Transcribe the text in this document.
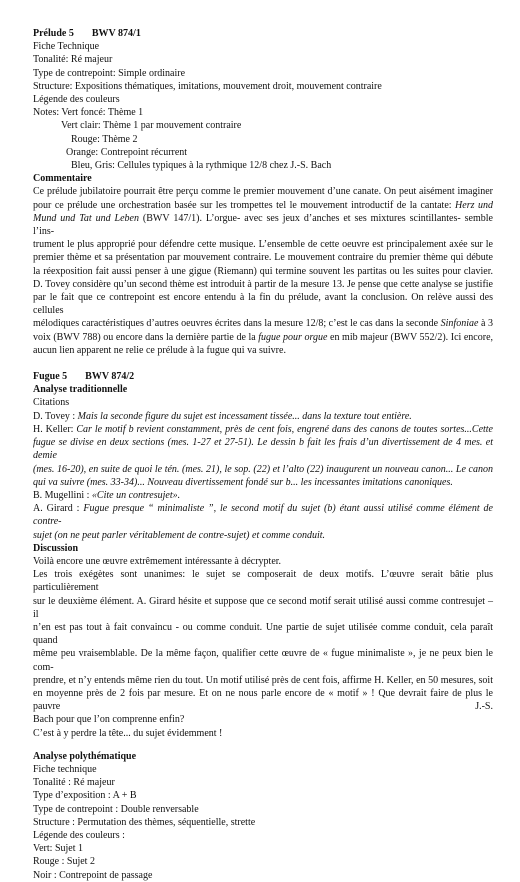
Prélude 5 BWV 874/1
Fiche Technique
Tonalité: Ré majeur
Type de contrepoint: Simple ordinaire
Structure: Expositions thématiques, imitations, mouvement droit, mouvement contraire
Légende des couleurs
Notes: Vert foncé: Thème 1
Vert clair: Thème 1 par mouvement contraire
Rouge: Thème 2
Orange: Contrepoint récurrent
Bleu, Gris: Cellules typiques à la rythmique 12/8 chez J.-S. Bach
Commentaire
Ce prélude jubilatoire pourrait être perçu comme le premier mouvement d’une canate. On peut aisément imaginer
pour ce prélude une orchestration basée sur les trompettes tel le mouvement introductif de la cantate: Herz und
Mund und Tat und Leben (BWV 147/1). L’orgue- avec ses jeux d’anches et ses mixtures scintillantes- semble l’ins-
trument le plus approprié pour défendre cette musique. L’ensemble de cette oeuvre est principalement axée sur le
premier thème et sa présentation par mouvement contraire. Le mouvement contraire du premier thème qui débute
la réexposition fait aussi penser à une gigue (Riemann) qui termine souvent les partitas ou les suites pour clavier.
D. Tovey considère qu’un second thème est introduit à partir de la mesure 13. Je pense que cette analyse se justifie
par le fait que ce contrepoint est encore entendu à la fin du prélude, avant la conclusion. On relève aussi des cellules
mélodiques caractéristiques d’autres oeuvres écrites dans la mesure 12/8; c’est le cas dans la seconde Sinfoniae à 3
voix (BWV 788) ou encore dans la dernière partie de la fugue pour orgue en mib majeur (BWV 552/2). Ici encore,
aucun lien apparent ne relie ce prélude à la fugue qui va suivre.
Fugue 5 BWV 874/2
Analyse traditionnelle
Citations
D. Tovey : Mais la seconde figure du sujet est incessament tissée... dans la texture tout entière.
H. Keller: Car le motif b revient constamment, près de cent fois, engrené dans des canons de toutes sortes...Cette
fugue se divise en deux sections (mes. 1-27 et 27-51). Le dessin b fait les frais d’un divertissement de 4 mes. et demie
(mes. 16-20), en suite de quoi le tén. (mes. 21), le sop. (22) et l’alto (22) inaugurent un nouveau canon... Le canon
qui va suivre (mes. 33-34)... Nouveau divertissement fondé sur b... les incessantes imitations canoniques.
B. Mugellini : «Cite un contresujet».
A. Girard : Fugue presque “ minimaliste ”, le second motif du sujet (b) étant aussi utilisé comme élément de contre-
sujet (on ne peut parler véritablement de contre-sujet) et comme conduit.
Discussion
Voilà encore une œuvre extrêmement intéressante à décrypter.
Les trois exégètes sont unanimes: le sujet se composerait de deux motifs. L’œuvre serait bâtie plus particulièrement
sur le deuxième élément. A. Girard hésite et suppose que ce second motif serait utilisé aussi comme contresujet – il
n’en est pas tout à fait convaincu - ou comme conduit. Une partie de sujet utilisée comme conduit, cela paraît quand
même peu vraisemblable. De la même façon, qualifier cette œuvre de « fugue minimaliste », je ne peux bien le com-
prendre, et n’y entends même rien du tout. Un motif utilisé près de cent fois, affirme H. Keller, en 50 mesures, soit
en moyenne près de 2 fois par mesure. Et on ne nous parle encore de « motif » ! Que devrait faire de plus le pauvre J.-S.
Bach pour que l’on comprenne enfin?
C’est à y perdre la tête... du sujet évidemment !
Analyse polythématique
Fiche technique
Tonalité : Ré majeur
Type d’exposition : A + B
Type de contrepoint : Double renversable
Structure : Permutation des thèmes, séquentielle, strette
Légende des couleurs :
Vert: Sujet 1
Rouge : Sujet 2
Noir : Contrepoint de passage
